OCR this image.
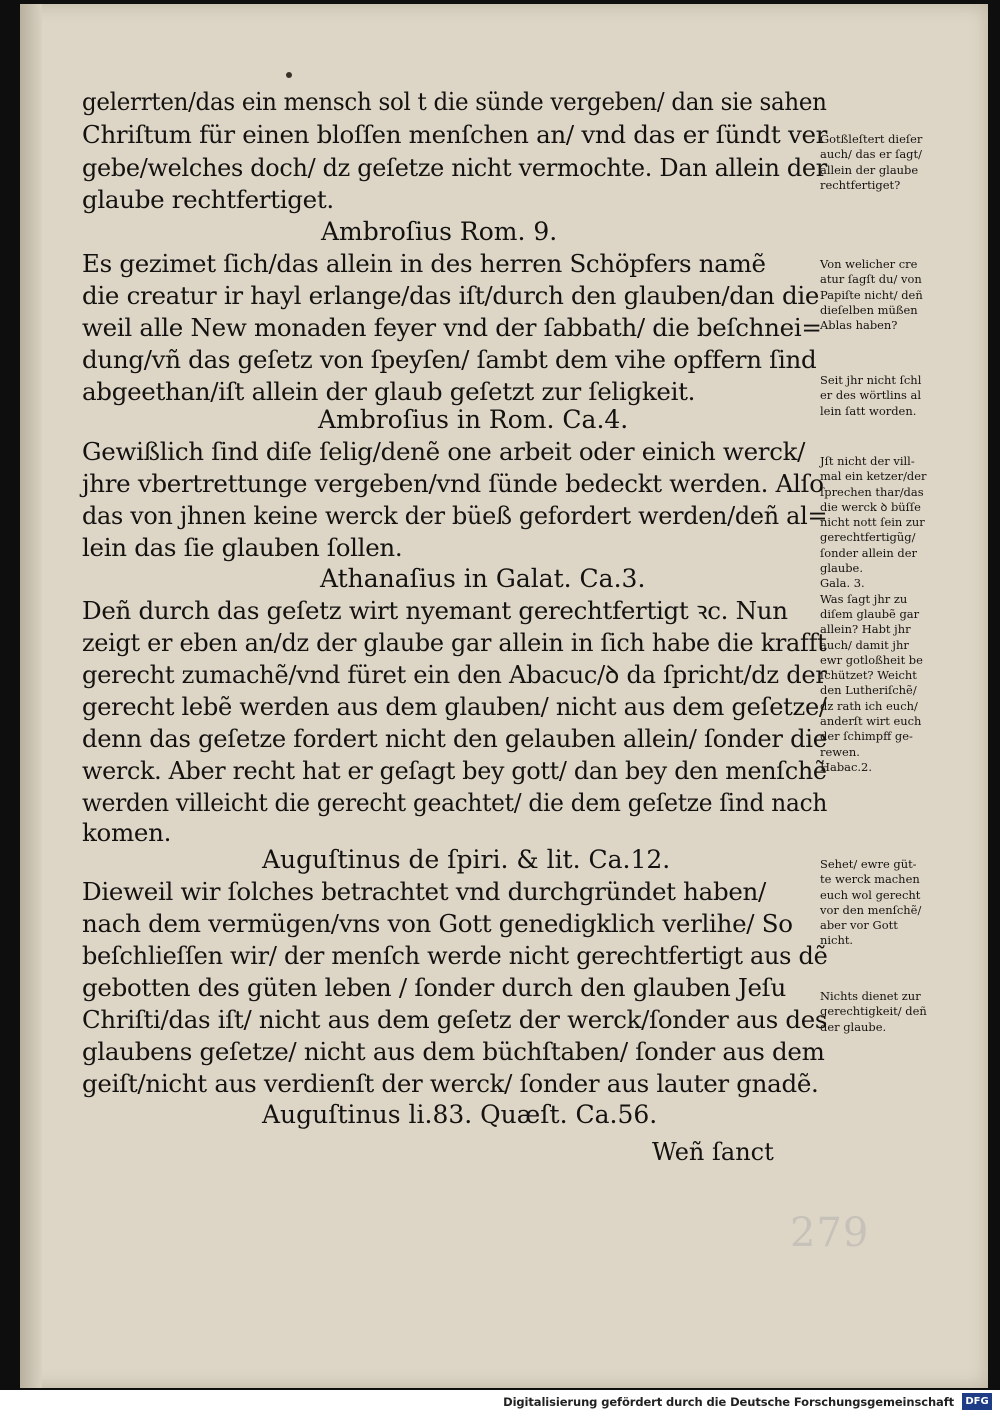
gelerrten/das ein mensch sol t die sünde vergeben/ dan sie sahen
Chriſtum für einen bloſſen menſchen an/ vnd das er ſündt ver
gebe/welches doch/ dz geſetze nicht vermochte. Dan allein der
glaube rechtfertiget.
Ambroſius Rom. 9.
Es gezimet ſich/das allein in des herren Schöpfers namẽ
die creatur ir hayl erlange/das iſt/durch den glauben/dan die
weil alle New monaden feyer vnd der ſabbath/ die beſchnei=
dung/vñ das geſetz von ſpeyſen/ ſambt dem vihe opffern ſind
abgeethan/iſt allein der glaub geſetzt zur ſeligkeit.
Ambroſius in Rom. Ca.4.
Gewißlich ſind diſe ſelig/denẽ one arbeit oder einich werck/
jhre vbertrettunge vergeben/vnd ſünde bedeckt werden. Alſo
das von jhnen keine werck der büeß gefordert werden/deñ al=
lein das ſie glauben ſollen.
Athanaſius in Galat. Ca.3.
Deñ durch das geſetz wirt nyemant gerechtfertigt ꝛc. Nun
zeigt er eben an/dz der glaube gar allein in ſich habe die krafft
gerecht zumachẽ/vnd füret ein den Abacuc/ꝺ da ſpricht/dz der
gerecht lebẽ werden aus dem glauben/ nicht aus dem geſetze/
denn das geſetze fordert nicht den gelauben allein/ ſonder die
werck. Aber recht hat er geſagt bey gott/ dan bey den menſchẽ
werden villeicht die gerecht geachtet/ die dem geſetze ſind nach
komen.
Auguſtinus de ſpiri. & lit. Ca.12.
Dieweil wir ſolches betrachtet vnd durchgründet haben/
nach dem vermügen/vns von Gott genedigklich verlihe/ So
beſchlieſſen wir/ der menſch werde nicht gerechtfertigt aus dẽ
gebotten des güten leben / ſonder durch den glauben Jeſu
Chriſti/das iſt/ nicht aus dem geſetz der werck/ſonder aus des
glaubens geſetze/ nicht aus dem büchſtaben/ ſonder aus dem
geiſt/nicht aus verdienſt der werck/ ſonder aus lauter gnadẽ.
Auguſtinus li.83. Quæſt. Ca.56.
Weñ ſanct
279
Gotßleſtert dieſer
auch/ das er ſagt/
allein der glaube
rechtfertiget?
Von welicher cre
atur ſagſt du/ von
Papiſte nicht/ deñ
dieſelben müßen
Ablas haben?
Seit jhr nicht ſchl
er des wörtlins al
lein ſatt worden.
Jſt nicht der vill-
mal ein ketzer/der
ſprechen thar/das
die werck ꝺ büſſe
nicht nott ſein zur
gerechtfertigũg/
ſonder allein der
glaube.
Gala. 3.
Was ſagt jhr zu
diſem glaubẽ gar
allein? Habt jhr
auch/ damit jhr
ewr gotloßheit be
ſchützet? Weicht
den Lutheriſchẽ/
dz rath ich euch/
anderſt wirt euch
der ſchimpff ge-
rewen.
Habac.2.
Sehet/ ewre güt-
te werck machen
euch wol gerecht
vor den menſchẽ/
aber vor Gott
nicht.
Nichts dienet zur
gerechtigkeit/ deñ
der glaube.
Digitalisierung gefördert durch die Deutsche Forschungsgemeinschaft	DFG
